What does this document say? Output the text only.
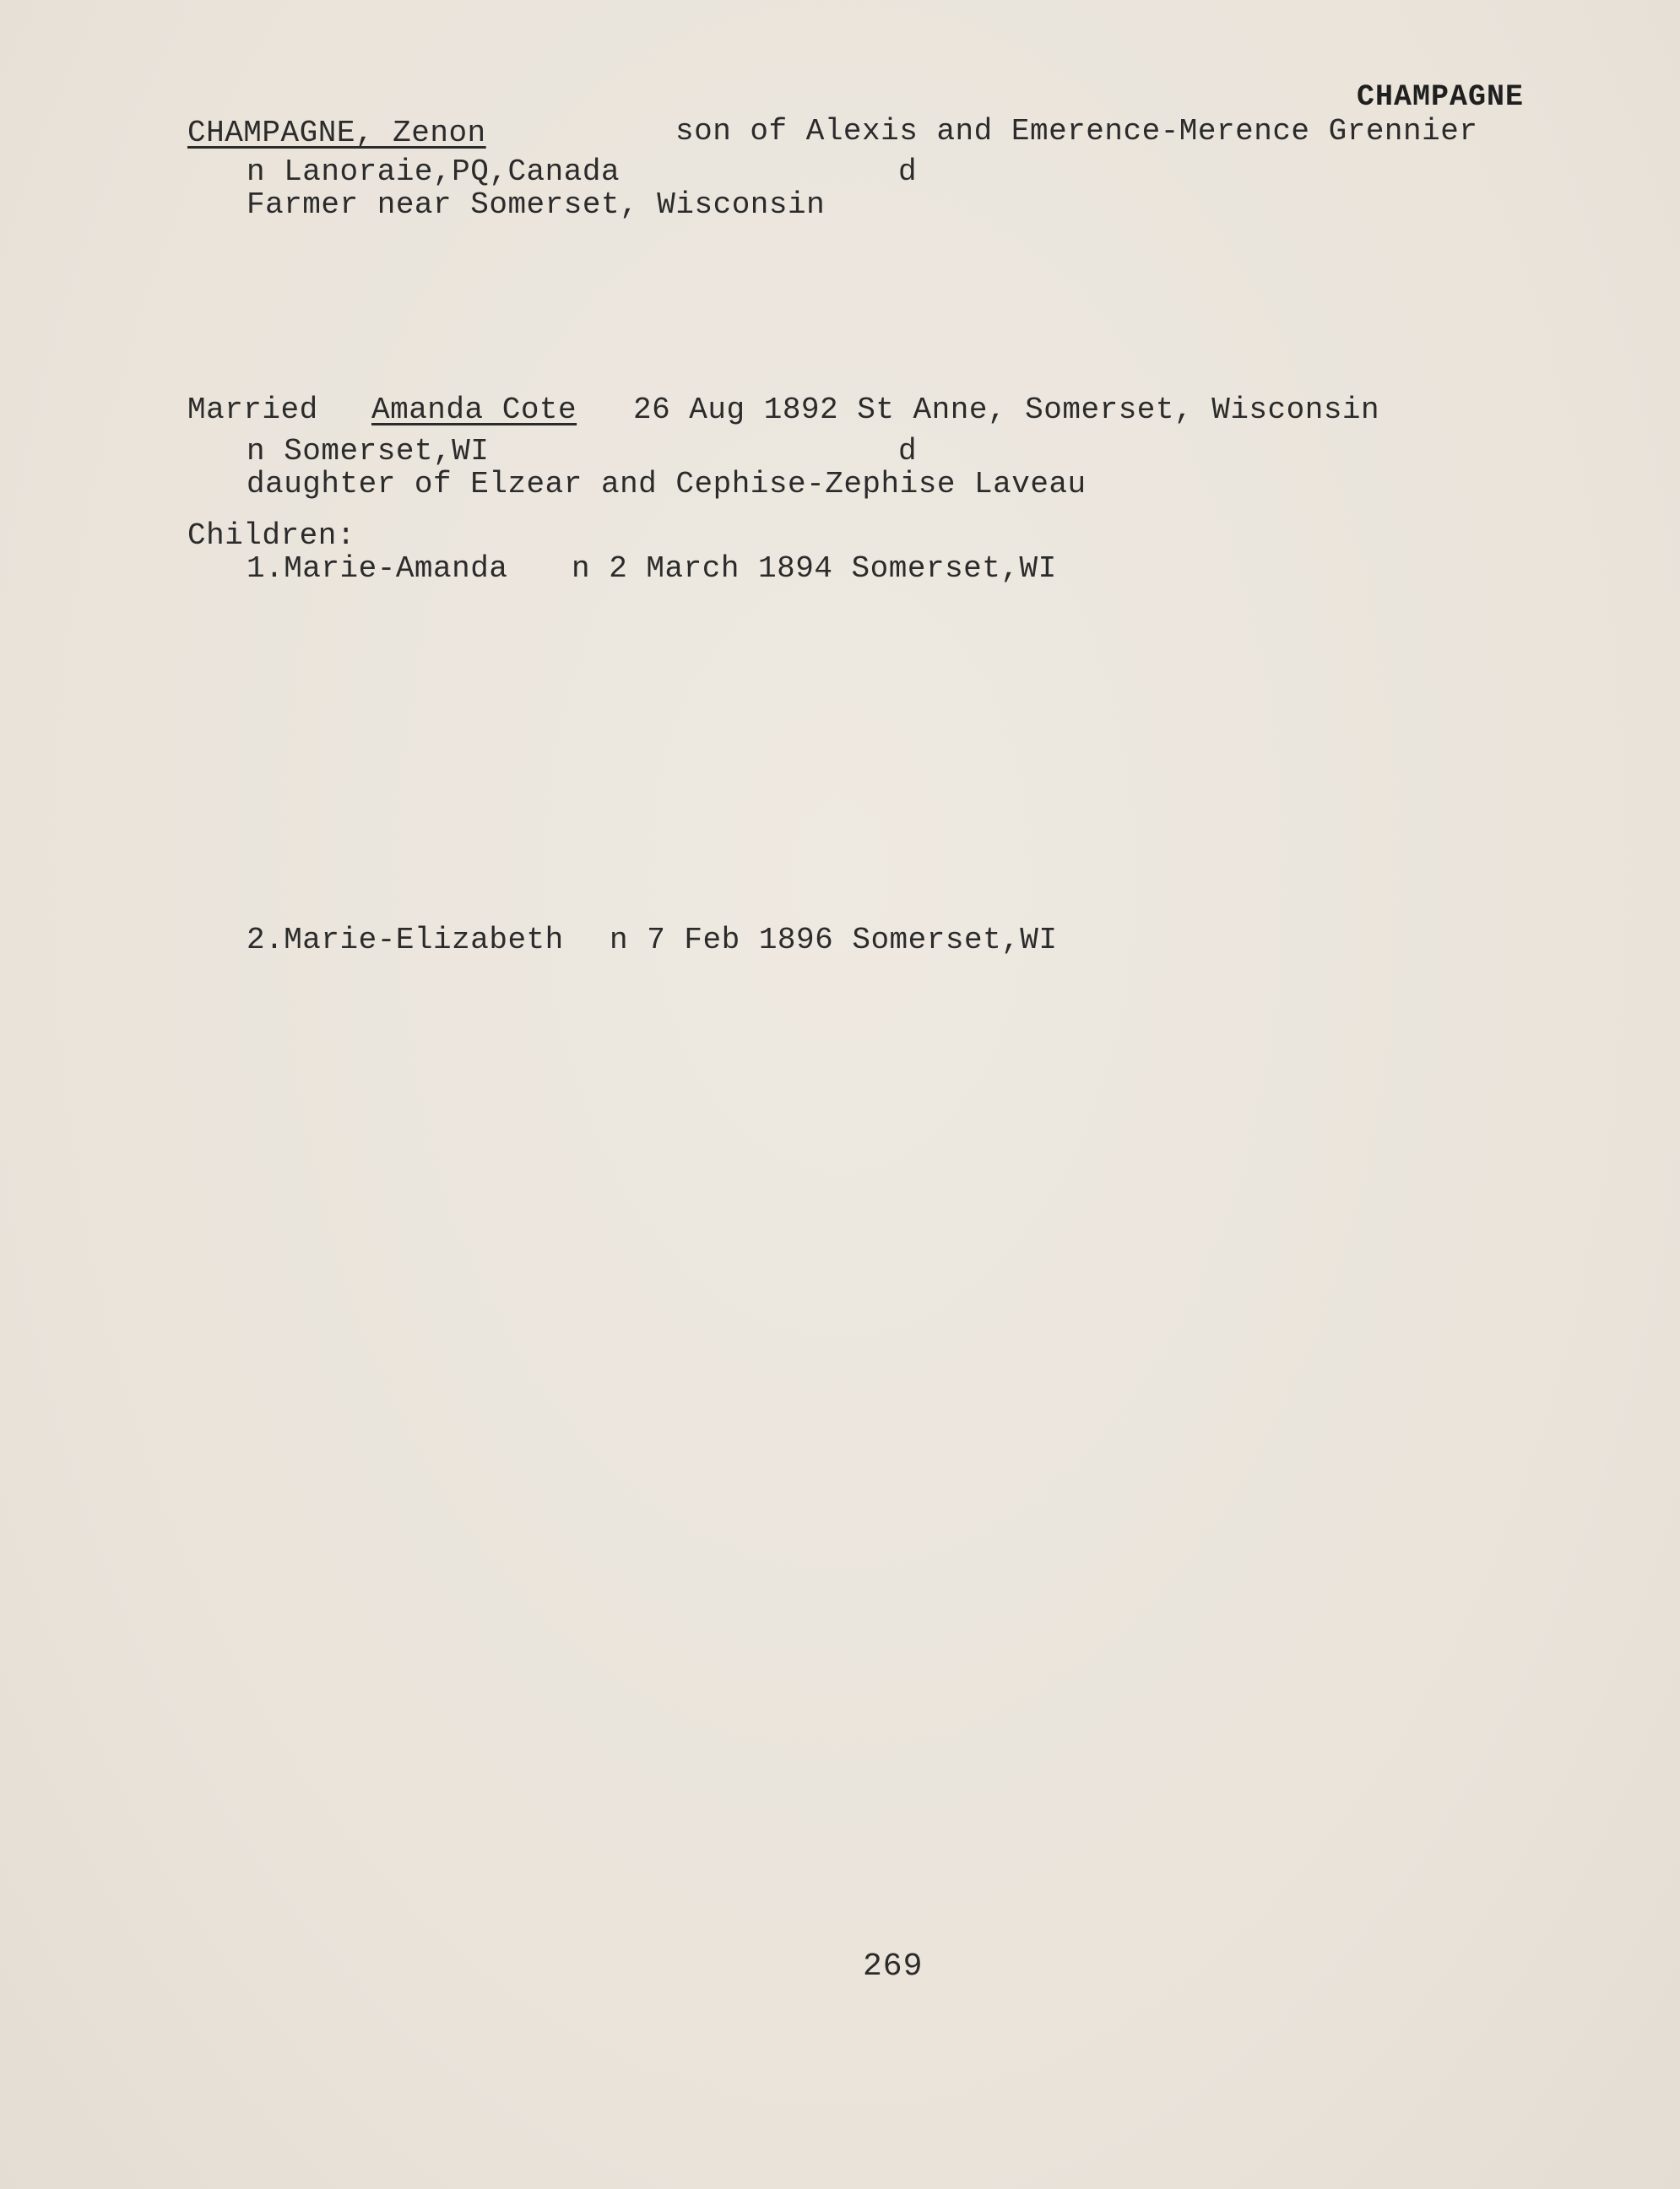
CHAMPAGNE
CHAMPAGNE, Zenon	son of Alexis and Emerence-Merence Grennier
n Lanoraie,PQ,Canada	d
Farmer near Somerset, Wisconsin
Married Amanda Cote 26 Aug 1892 St Anne, Somerset, Wisconsin
n Somerset,WI	d
daughter of Elzear and Cephise-Zephise Laveau
Children:
1.Marie-Amanda n 2 March 1894 Somerset,WI
2.Marie-Elizabeth n 7 Feb 1896 Somerset,WI
269
